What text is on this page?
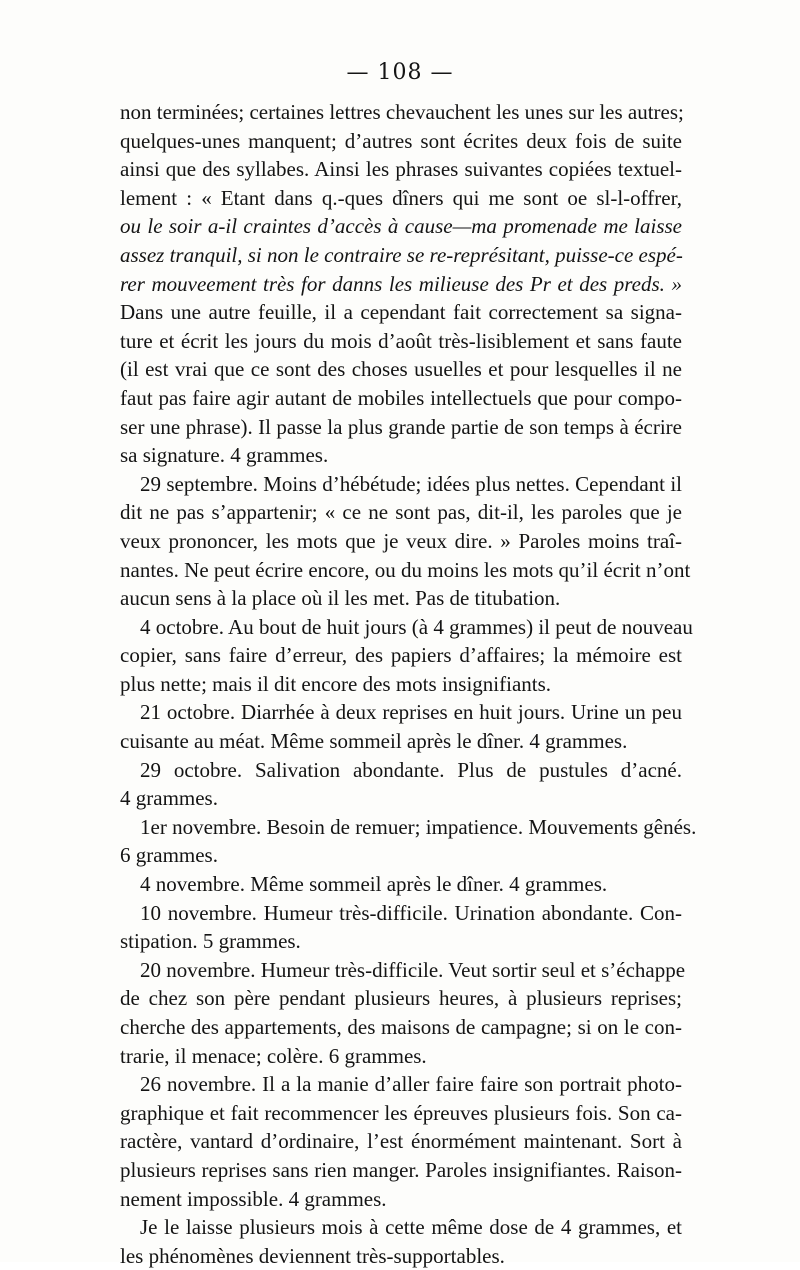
— 108 —

non terminées; certaines lettres chevauchent les unes sur les autres;

quelques-unes manquent; d’autres sont écrites deux fois de suite

ainsi que des syllabes. Ainsi les phrases suivantes copiées textuel-

lement : « Etant dans q.-ques dîners qui me sont oe sl-l-offrer,

ou le soir a-il craintes d’accès à cause—ma promenade me laisse

assez tranquil, si non le contraire se re-représitant, puisse-ce espé-

rer mouveement très for danns les milieuse des Pr et des preds. »

Dans une autre feuille, il a cependant fait correctement sa signa-

ture et écrit les jours du mois d’août très-lisiblement et sans faute

(il est vrai que ce sont des choses usuelles et pour lesquelles il ne

faut pas faire agir autant de mobiles intellectuels que pour compo-

ser une phrase). Il passe la plus grande partie de son temps à écrire

sa signature. 4 grammes.

29 septembre. Moins d’hébétude; idées plus nettes. Cependant il

dit ne pas s’appartenir; « ce ne sont pas, dit-il, les paroles que je

veux prononcer, les mots que je veux dire. » Paroles moins traî-

nantes. Ne peut écrire encore, ou du moins les mots qu’il écrit n’ont

aucun sens à la place où il les met. Pas de titubation.

4 octobre. Au bout de huit jours (à 4 grammes) il peut de nouveau

copier, sans faire d’erreur, des papiers d’affaires; la mémoire est

plus nette; mais il dit encore des mots insignifiants.

21 octobre. Diarrhée à deux reprises en huit jours. Urine un peu

cuisante au méat. Même sommeil après le dîner. 4 grammes.

29 octobre. Salivation abondante. Plus de pustules d’acné.

4 grammes.

1er novembre. Besoin de remuer; impatience. Mouvements gênés.

6 grammes.

4 novembre. Même sommeil après le dîner. 4 grammes.

10 novembre. Humeur très-difficile. Urination abondante. Con-

stipation. 5 grammes.

20 novembre. Humeur très-difficile. Veut sortir seul et s’échappe

de chez son père pendant plusieurs heures, à plusieurs reprises;

cherche des appartements, des maisons de campagne; si on le con-

trarie, il menace; colère. 6 grammes.

26 novembre. Il a la manie d’aller faire faire son portrait photo-

graphique et fait recommencer les épreuves plusieurs fois. Son ca-

ractère, vantard d’ordinaire, l’est énormément maintenant. Sort à

plusieurs reprises sans rien manger. Paroles insignifiantes. Raison-

nement impossible. 4 grammes.

Je le laisse plusieurs mois à cette même dose de 4 grammes, et

les phénomènes deviennent très-supportables.
